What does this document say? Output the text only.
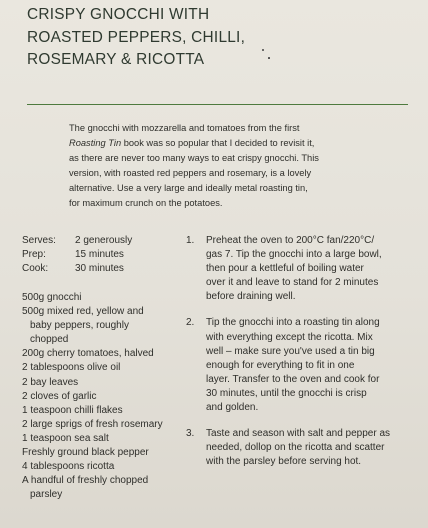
CRISPY GNOCCHI WITH
ROASTED PEPPERS, CHILLI,
ROSEMARY & RICOTTA
The gnocchi with mozzarella and tomatoes from the first
Roasting Tin book was so popular that I decided to revisit it,
as there are never too many ways to eat crispy gnocchi. This
version, with roasted red peppers and rosemary, is a lovely
alternative. Use a very large and ideally metal roasting tin,
for maximum crunch on the potatoes.
Serves:	2 generously
Prep:	15 minutes
Cook:	30 minutes
500g gnocchi
500g mixed red, yellow and
baby peppers, roughly
chopped
200g cherry tomatoes, halved
2 tablespoons olive oil
2 bay leaves
2 cloves of garlic
1 teaspoon chilli flakes
2 large sprigs of fresh rosemary
1 teaspoon sea salt
Freshly ground black pepper
4 tablespoons ricotta
A handful of freshly chopped
parsley
1.	Preheat the oven to 200°C fan/220°C/
gas 7. Tip the gnocchi into a large bowl,
then pour a kettleful of boiling water
over it and leave to stand for 2 minutes
before draining well.
2.	Tip the gnocchi into a roasting tin along
with everything except the ricotta. Mix
well – make sure you've used a tin big
enough for everything to fit in one
layer. Transfer to the oven and cook for
30 minutes, until the gnocchi is crisp
and golden.
3.	Taste and season with salt and pepper as
needed, dollop on the ricotta and scatter
with the parsley before serving hot.
